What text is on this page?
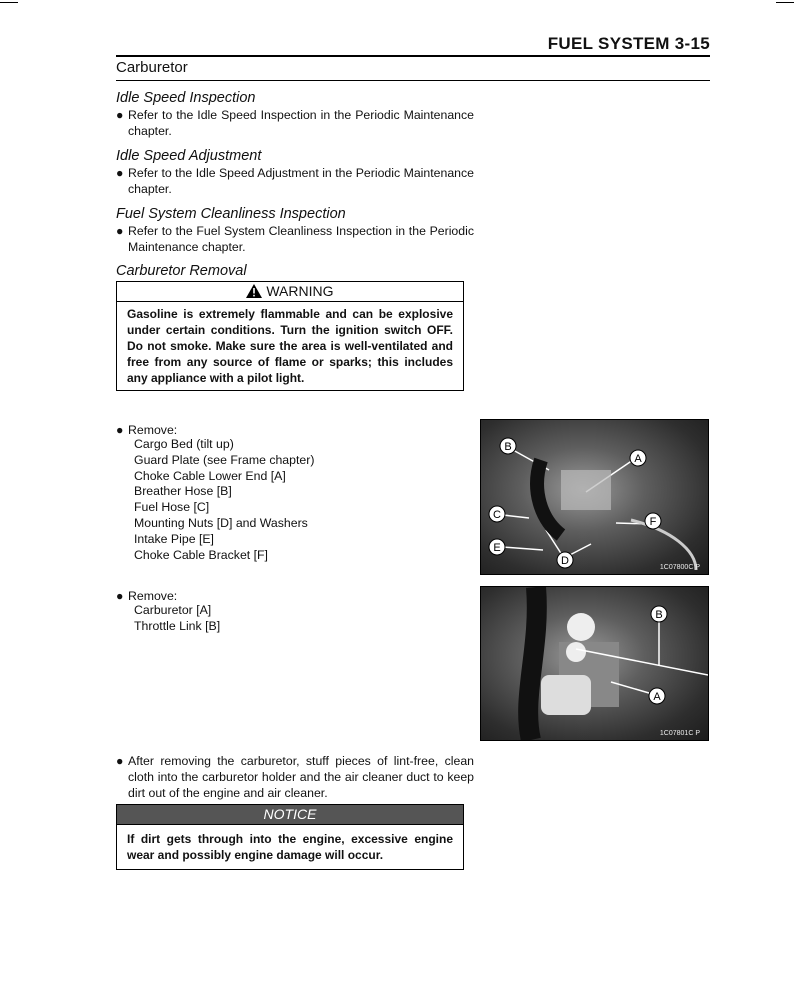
FUEL SYSTEM 3-15
Carburetor
Idle Speed Inspection
● Refer to the Idle Speed Inspection in the Periodic Maintenance chapter.
Idle Speed Adjustment
● Refer to the Idle Speed Adjustment in the Periodic Maintenance chapter.
Fuel System Cleanliness Inspection
● Refer to the Fuel System Cleanliness Inspection in the Periodic Maintenance chapter.
Carburetor Removal
WARNING
Gasoline is extremely flammable and can be explosive under certain conditions. Turn the ignition switch OFF. Do not smoke. Make sure the area is well-ventilated and free from any source of flame or sparks; this includes any appliance with a pilot light.
● Remove:
Cargo Bed (tilt up)
Guard Plate (see Frame chapter)
Choke Cable Lower End [A]
Breather Hose [B]
Fuel Hose [C]
Mounting Nuts [D] and Washers
Intake Pipe [E]
Choke Cable Bracket [F]
● Remove:
Carburetor [A]
Throttle Link [B]
B
A
C
F
E
D
1C07800C P
B
A
1C07801C P
● After removing the carburetor, stuff pieces of lint-free, clean cloth into the carburetor holder and the air cleaner duct to keep dirt out of the engine and air cleaner.
NOTICE
If dirt gets through into the engine, excessive engine wear and possibly engine damage will occur.
